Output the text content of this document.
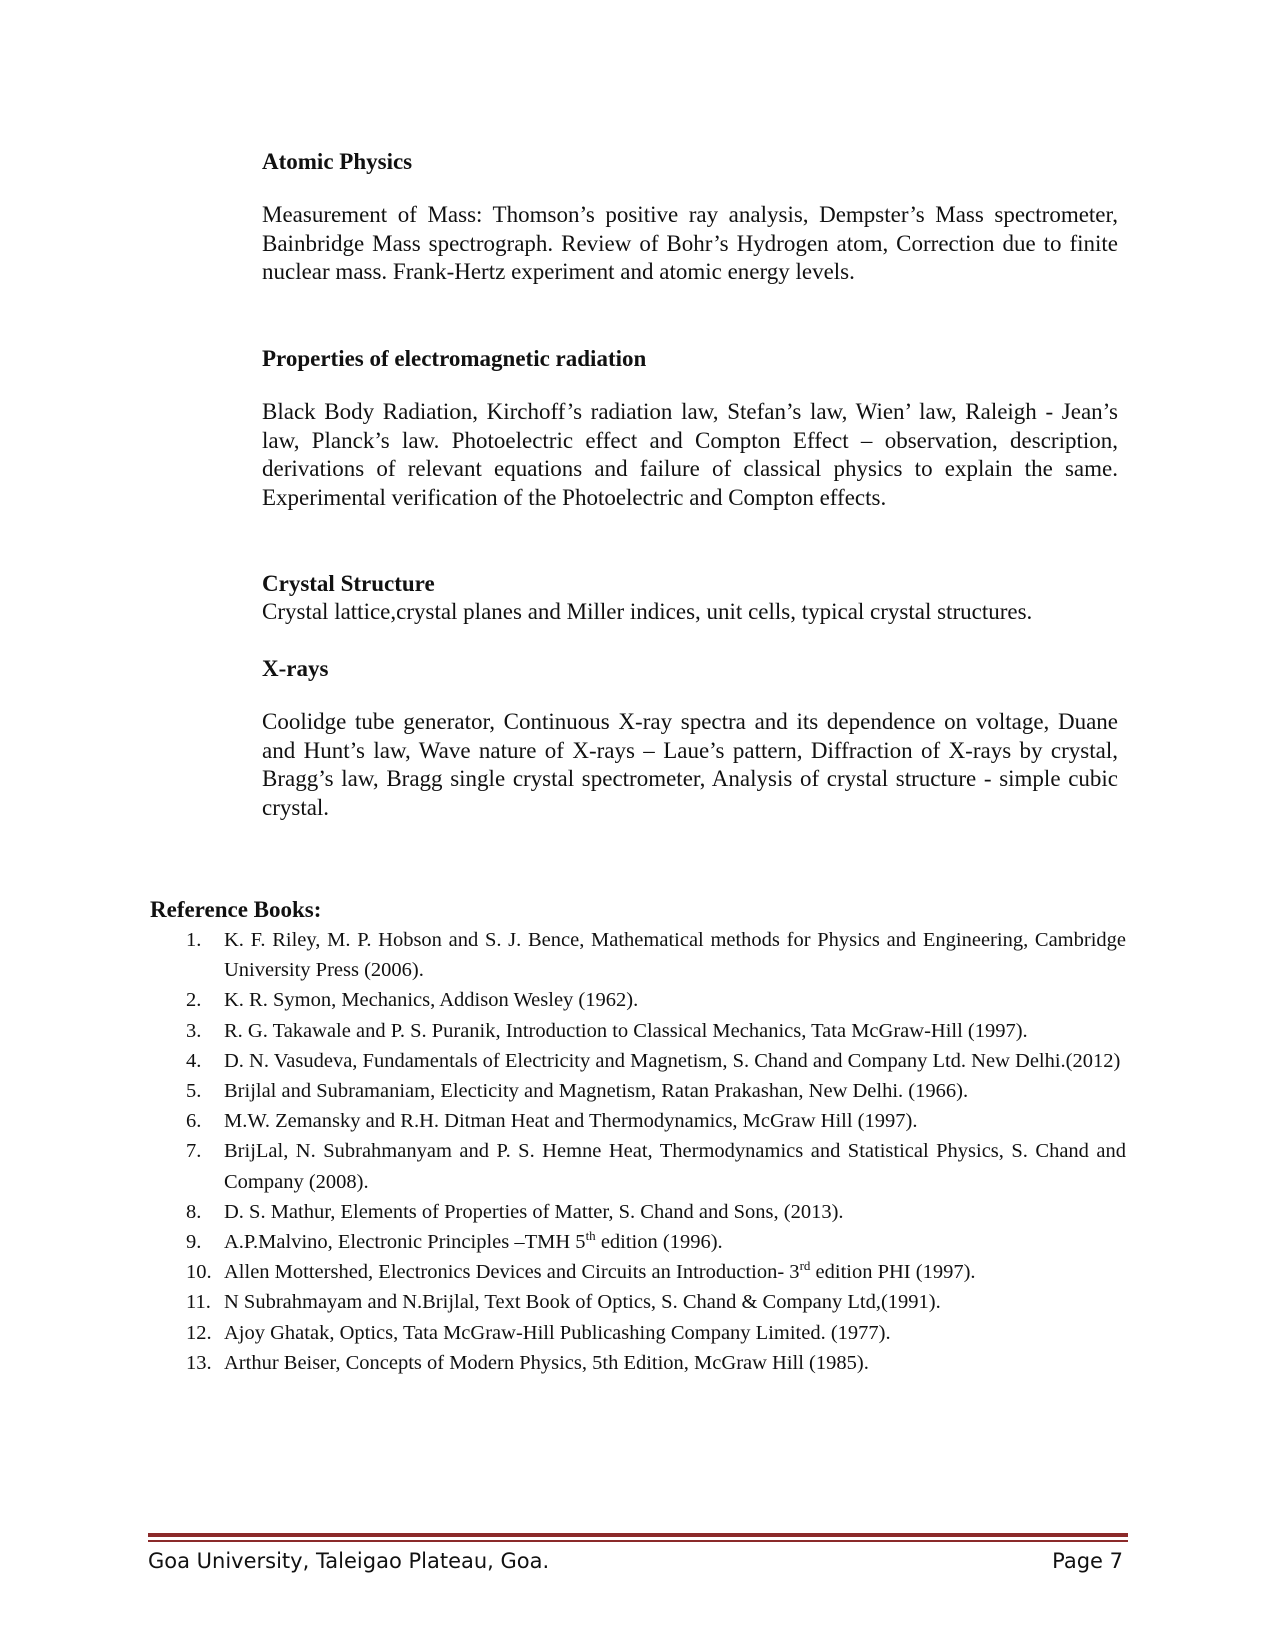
Atomic Physics

Measurement of Mass: Thomson’s positive ray analysis, Dempster’s Mass spectrometer, Bainbridge Mass spectrograph. Review of Bohr’s Hydrogen atom, Correction due to finite nuclear mass. Frank-Hertz experiment and atomic energy levels.

Properties of electromagnetic radiation

Black Body Radiation, Kirchoff’s radiation law, Stefan’s law, Wien’ law, Raleigh - Jean’s law, Planck’s law. Photoelectric effect and Compton Effect – observation, description, derivations of relevant equations and failure of classical physics to explain the same. Experimental verification of the Photoelectric and Compton effects.

Crystal Structure

Crystal lattice,crystal planes and Miller indices, unit cells, typical crystal structures.

X-rays

Coolidge tube generator, Continuous X-ray spectra and its dependence on voltage, Duane and Hunt’s law, Wave nature of X-rays – Laue’s pattern, Diffraction of X-rays by crystal, Bragg’s law, Bragg single crystal spectrometer, Analysis of crystal structure - simple cubic crystal.

Reference Books:

1.	K. F. Riley, M. P. Hobson and S. J. Bence, Mathematical methods for Physics and Engineering, Cambridge University Press (2006).
2.	K. R. Symon, Mechanics, Addison Wesley (1962).
3.	R. G. Takawale and P. S. Puranik, Introduction to Classical Mechanics, Tata McGraw-Hill (1997).
4.	D. N. Vasudeva, Fundamentals of Electricity and Magnetism, S. Chand and Company Ltd. New Delhi.(2012)
5.	Brijlal and Subramaniam, Electicity and Magnetism, Ratan Prakashan, New Delhi. (1966).
6.	M.W. Zemansky and R.H. Ditman Heat and Thermodynamics, McGraw Hill (1997).
7.	BrijLal, N. Subrahmanyam and P. S. Hemne Heat, Thermodynamics and Statistical Physics, S. Chand and Company (2008).
8.	D. S. Mathur, Elements of Properties of Matter, S. Chand and Sons, (2013).
9.	A.P.Malvino, Electronic Principles –TMH 5th edition (1996).
10. Allen Mottershed, Electronics Devices and Circuits an Introduction- 3rd edition PHI (1997).
11. N Subrahmayam and N.Brijlal, Text Book of Optics, S. Chand & Company Ltd,(1991).
12. Ajoy Ghatak, Optics, Tata McGraw-Hill Publicashing Company Limited. (1977).
13. Arthur Beiser, Concepts of Modern Physics, 5th Edition, McGraw Hill (1985).
Goa University, Taleigao Plateau, Goa.	Page 7
